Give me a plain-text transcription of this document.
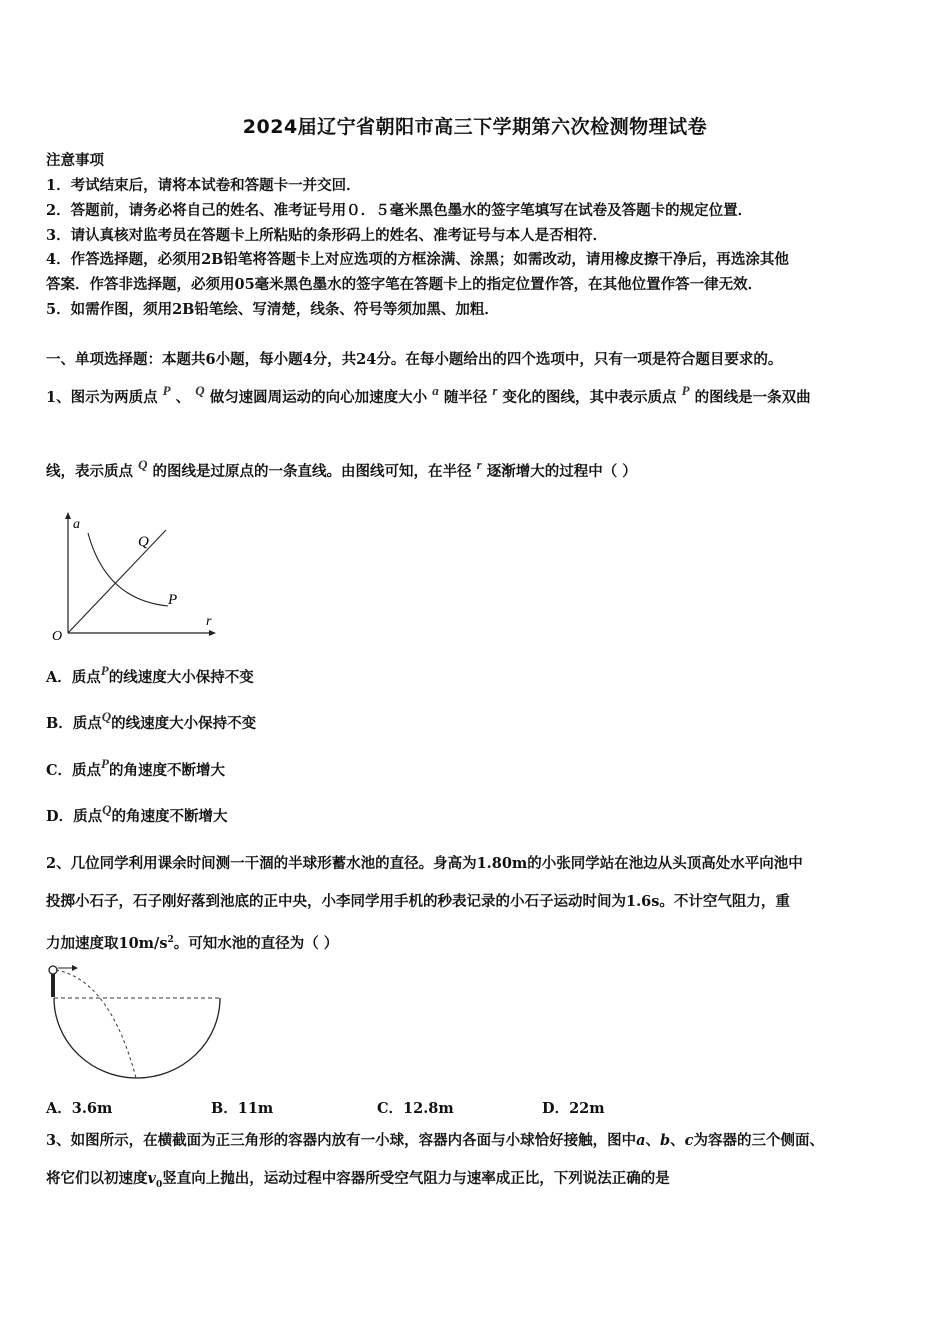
2024届辽宁省朝阳市高三下学期第六次检测物理试卷
注意事项
1．考试结束后，请将本试卷和答题卡一并交回．
2．答题前，请务必将自己的姓名、准考证号用０．５毫米黑色墨水的签字笔填写在试卷及答题卡的规定位置．
3．请认真核对监考员在答题卡上所粘贴的条形码上的姓名、准考证号与本人是否相符．
4．作答选择题，必须用2B铅笔将答题卡上对应选项的方框涂满、涂黑；如需改动，请用橡皮擦干净后，再选涂其他
答案．作答非选择题，必须用05毫米黑色墨水的签字笔在答题卡上的指定位置作答，在其他位置作答一律无效．
5．如需作图，须用2B铅笔绘、写清楚，线条、符号等须加黑、加粗．
一、单项选择题：本题共6小题，每小题4分，共24分。在每小题给出的四个选项中，只有一项是符合题目要求的。
1、图示为两质点 P 、 Q 做匀速圆周运动的向心加速度大小 a 随半径 r 变化的图线，其中表示质点 P 的图线是一条双曲
线，表示质点 Q 的图线是过原点的一条直线。由图线可知，在半径 r 逐渐增大的过程中（ ）
a
r
O
Q
P
A．质点P的线速度大小保持不变
B．质点Q的线速度大小保持不变
C．质点P的角速度不断增大
D．质点Q的角速度不断增大
2、几位同学利用课余时间测一干涸的半球形蓄水池的直径。身高为1.80m的小张同学站在池边从头顶高处水平向池中
投掷小石子，石子刚好落到池底的正中央，小李同学用手机的秒表记录的小石子运动时间为1.6s。不计空气阻力，重
力加速度取$10m/s^2$。可知水池的直径为（ ）
A．3.6m	B．11m	C．12.8m	D．22m
3、如图所示，在横截面为正三角形的容器内放有一小球，容器内各面与小球恰好接触，图中a、b、c为容器的三个侧面、
将它们以初速度$v_0$竖直向上抛出，运动过程中容器所受空气阻力与速率成正比，下列说法正确的是
